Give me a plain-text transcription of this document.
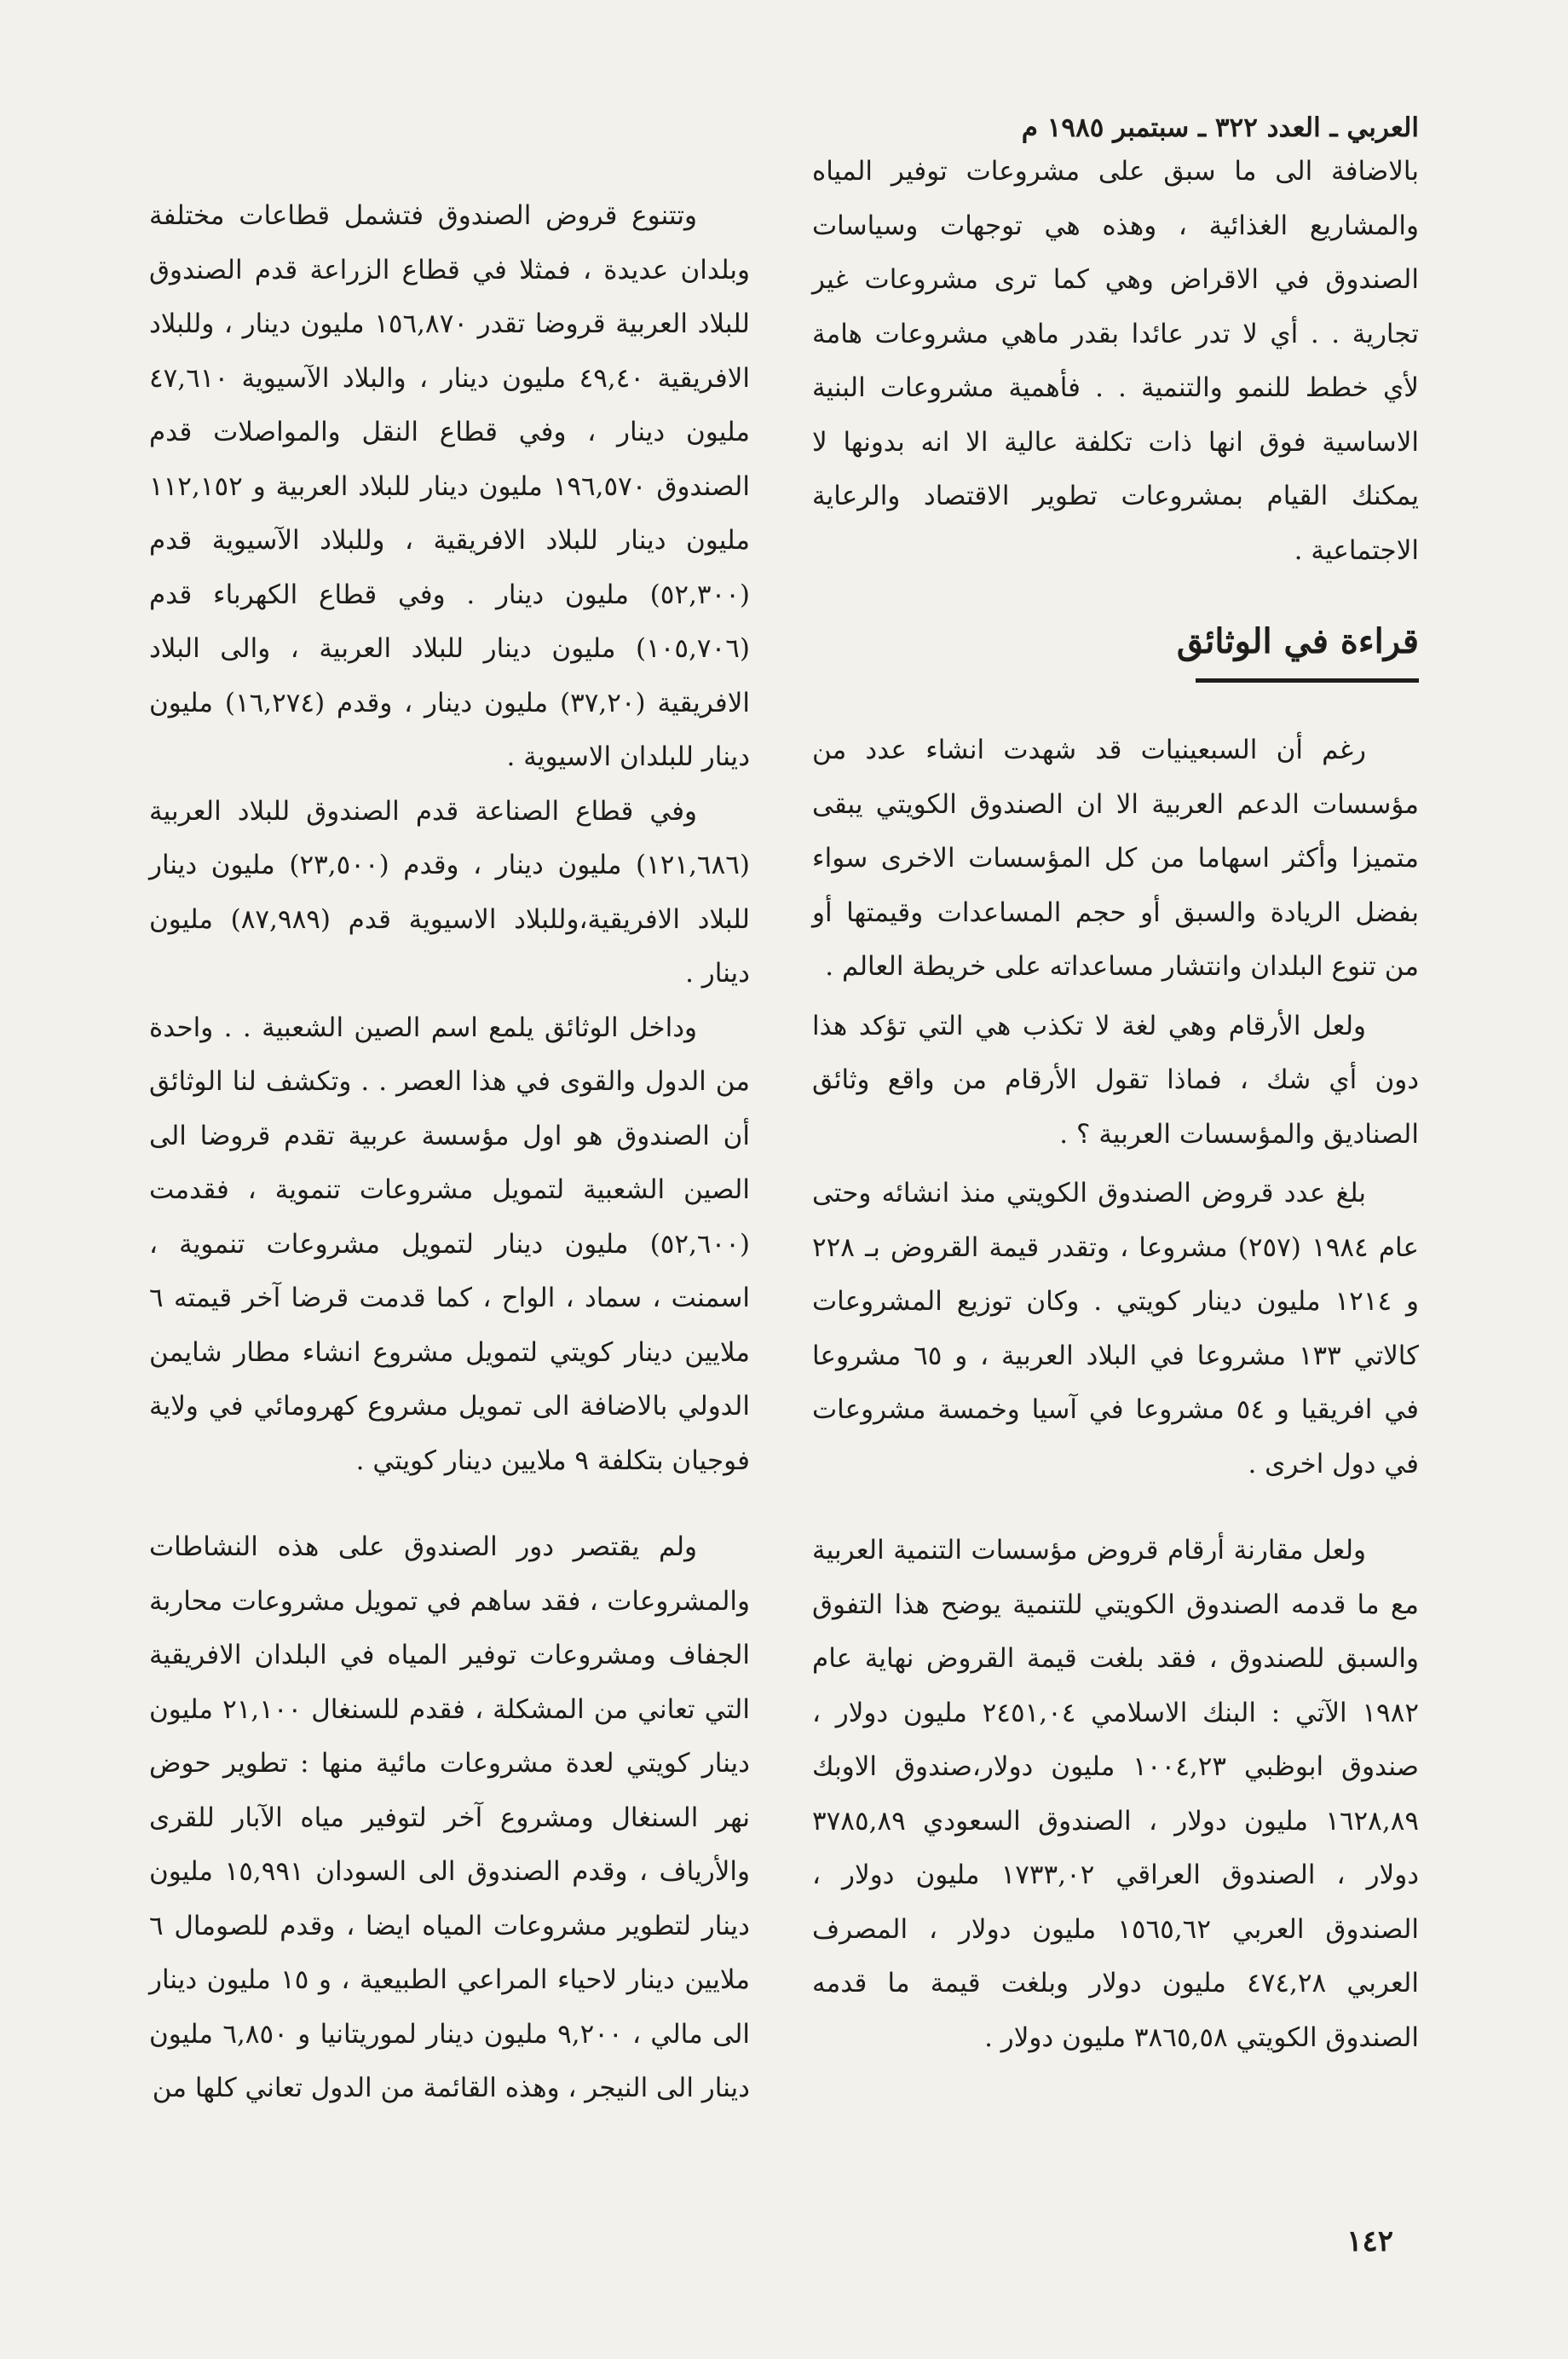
العربي ـ العدد ٣٢٢ ـ سبتمبر ١٩٨٥ م

بالاضافة الى ما سبق على مشروعات توفير المياه والمشاريع الغذائية ، وهذه هي توجهات وسياسات الصندوق في الاقراض وهي كما ترى مشروعات غير تجارية . . أي لا تدر عائدا بقدر ماهي مشروعات هامة لأي خطط للنمو والتنمية . . فأهمية مشروعات البنية الاساسية فوق انها ذات تكلفة عالية الا انه بدونها لا يمكنك القيام بمشروعات تطوير الاقتصاد والرعاية الاجتماعية .

قراءة في الوثائق

رغم أن السبعينيات قد شهدت انشاء عدد من مؤسسات الدعم العربية الا ان الصندوق الكويتي يبقى متميزا وأكثر اسهاما من كل المؤسسات الاخرى سواء بفضل الريادة والسبق أو حجم المساعدات وقيمتها أو من تنوع البلدان وانتشار مساعداته على خريطة العالم .

ولعل الأرقام وهي لغة لا تكذب هي التي تؤكد هذا دون أي شك ، فماذا تقول الأرقام من واقع وثائق الصناديق والمؤسسات العربية ؟ .

بلغ عدد قروض الصندوق الكويتي منذ انشائه وحتى عام ١٩٨٤ (٢٥٧) مشروعا ، وتقدر قيمة القروض بـ ٢٢٨ و ١٢١٤ مليون دينار كويتي . وكان توزيع المشروعات كالاتي ١٣٣ مشروعا في البلاد العربية ، و ٦٥ مشروعا في افريقيا و ٥٤ مشروعا في آسيا وخمسة مشروعات في دول اخرى .

ولعل مقارنة أرقام قروض مؤسسات التنمية العربية مع ما قدمه الصندوق الكويتي للتنمية يوضح هذا التفوق والسبق للصندوق ، فقد بلغت قيمة القروض نهاية عام ١٩٨٢ الآتي : البنك الاسلامي ٢٤٥١,٠٤ مليون دولار ، صندوق ابوظبي ١٠٠٤,٢٣ مليون دولار،صندوق الاوبك ١٦٢٨,٨٩ مليون دولار ، الصندوق السعودي ٣٧٨٥,٨٩ دولار ، الصندوق العراقي ١٧٣٣,٠٢ مليون دولار ، الصندوق العربي ١٥٦٥,٦٢ مليون دولار ، المصرف العربي ٤٧٤,٢٨ مليون دولار وبلغت قيمة ما قدمه الصندوق الكويتي ٣٨٦٥,٥٨ مليون دولار .

وتتنوع قروض الصندوق فتشمل قطاعات مختلفة وبلدان عديدة ، فمثلا في قطاع الزراعة قدم الصندوق للبلاد العربية قروضا تقدر ١٥٦,٨٧٠ مليون دينار ، وللبلاد الافريقية ٤٩,٤٠ مليون دينار ، والبلاد الآسيوية ٤٧,٦١٠ مليون دينار ، وفي قطاع النقل والمواصلات قدم الصندوق ١٩٦,٥٧٠ مليون دينار للبلاد العربية و ١١٢,١٥٢ مليون دينار للبلاد الافريقية ، وللبلاد الآسيوية قدم (٥٢,٣٠٠) مليون دينار . وفي قطاع الكهرباء قدم (١٠٥,٧٠٦) مليون دينار للبلاد العربية ، والى البلاد الافريقية (٣٧,٢٠) مليون دينار ، وقدم (١٦,٢٧٤) مليون دينار للبلدان الاسيوية .

وفي قطاع الصناعة قدم الصندوق للبلاد العربية (١٢١,٦٨٦) مليون دينار ، وقدم (٢٣,٥٠٠) مليون دينار للبلاد الافريقية،وللبلاد الاسيوية قدم (٨٧,٩٨٩) مليون دينار .

وداخل الوثائق يلمع اسم الصين الشعبية . . واحدة من الدول والقوى في هذا العصر . . وتكشف لنا الوثائق أن الصندوق هو اول مؤسسة عربية تقدم قروضا الى الصين الشعبية لتمويل مشروعات تنموية ، فقدمت (٥٢,٦٠٠) مليون دينار لتمويل مشروعات تنموية ، اسمنت ، سماد ، الواح ، كما قدمت قرضا آخر قيمته ٦ ملايين دينار كويتي لتمويل مشروع انشاء مطار شايمن الدولي بالاضافة الى تمويل مشروع كهرومائي في ولاية فوجيان بتكلفة ٩ ملايين دينار كويتي .

ولم يقتصر دور الصندوق على هذه النشاطات والمشروعات ، فقد ساهم في تمويل مشروعات محاربة الجفاف ومشروعات توفير المياه في البلدان الافريقية التي تعاني من المشكلة ، فقدم للسنغال ٢١,١٠٠ مليون دينار كويتي لعدة مشروعات مائية منها : تطوير حوض نهر السنغال ومشروع آخر لتوفير مياه الآبار للقرى والأرياف ، وقدم الصندوق الى السودان ١٥,٩٩١ مليون دينار لتطوير مشروعات المياه ايضا ، وقدم للصومال ٦ ملايين دينار لاحياء المراعي الطبيعية ، و ١٥ مليون دينار الى مالي ، ٩,٢٠٠ مليون دينار لموريتانيا و ٦,٨٥٠ مليون دينار الى النيجر ، وهذه القائمة من الدول تعاني كلها من

١٤٢
